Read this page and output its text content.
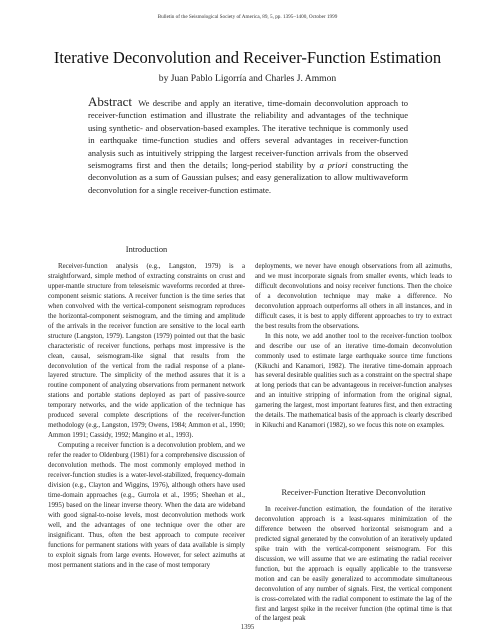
Bulletin of the Seismological Society of America, 89, 5, pp. 1395–1400, October 1999
Iterative Deconvolution and Receiver-Function Estimation
by Juan Pablo Ligorría and Charles J. Ammon

Abstract We describe and apply an iterative, time-domain deconvolution approach to receiver-function estimation and illustrate the reliability and advantages of the technique using synthetic- and observation-based examples. The iterative technique is commonly used in earthquake time-function studies and offers several advantages in receiver-function analysis such as intuitively stripping the largest receiver-function arrivals from the observed seismograms first and then the details; long-period stability by a priori constructing the deconvolution as a sum of Gaussian pulses; and easy generalization to allow multiwaveform deconvolution for a single receiver-function estimate.

Introduction

Receiver-function analysis (e.g., Langston, 1979) is a straightforward, simple method of extracting constraints on crust and upper-mantle structure from teleseismic waveforms recorded at three-component seismic stations. A receiver function is the time series that when convolved with the vertical-component seismogram reproduces the horizontal-component seismogram, and the timing and amplitude of the arrivals in the receiver function are sensitive to the local earth structure (Langston, 1979). Langston (1979) pointed out that the basic characteristic of receiver functions, perhaps most impressive is the clean, causal, seismogram-like signal that results from the deconvolution of the vertical from the radial response of a plane-layered structure. The simplicity of the method assures that it is a routine component of analyzing observations from permanent network stations and portable stations deployed as part of passive-source temporary networks, and the wide application of the technique has produced several complete descriptions of the receiver-function methodology (e.g., Langston, 1979; Owens, 1984; Ammon et al., 1990; Ammon 1991; Cassidy, 1992; Mangino et al., 1993).

Computing a receiver function is a deconvolution problem, and we refer the reader to Oldenburg (1981) for a comprehensive discussion of deconvolution methods. The most commonly employed method in receiver-function studies is a water-level-stabilized, frequency-domain division (e.g., Clayton and Wiggins, 1976), although others have used time-domain approaches (e.g., Gurrola et al., 1995; Sheehan et al., 1995) based on the linear inverse theory. When the data are wideband with good signal-to-noise levels, most deconvolution methods work well, and the advantages of one technique over the other are insignificant. Thus, often the best approach to compute receiver functions for permanent stations with years of data available is simply to exploit signals from large events. However, for select azimuths at most permanent stations and in the case of most temporary

deployments, we never have enough observations from all azimuths, and we must incorporate signals from smaller events, which leads to difficult deconvolutions and noisy receiver functions. Then the choice of a deconvolution technique may make a difference. No deconvolution approach outperforms all others in all instances, and in difficult cases, it is best to apply different approaches to try to extract the best results from the observations.

In this note, we add another tool to the receiver-function toolbox and describe our use of an iterative time-domain deconvolution commonly used to estimate large earthquake source time functions (Kikuchi and Kanamori, 1982). The iterative time-domain approach has several desirable qualities such as a constraint on the spectral shape at long periods that can be advantageous in receiver-function analyses and an intuitive stripping of information from the original signal, garnering the largest, most important features first, and then extracting the details. The mathematical basis of the approach is clearly described in Kikuchi and Kanamori (1982), so we focus this note on examples.

Receiver-Function Iterative Deconvolution

In receiver-function estimation, the foundation of the iterative deconvolution approach is a least-squares minimization of the difference between the observed horizontal seismogram and a predicted signal generated by the convolution of an iteratively updated spike train with the vertical-component seismogram. For this discussion, we will assume that we are estimating the radial receiver function, but the approach is equally applicable to the transverse motion and can be easily generalized to accommodate simultaneous deconvolution of any number of signals. First, the vertical component is cross-correlated with the radial component to estimate the lag of the first and largest spike in the receiver function (the optimal time is that of the largest peak

1395
